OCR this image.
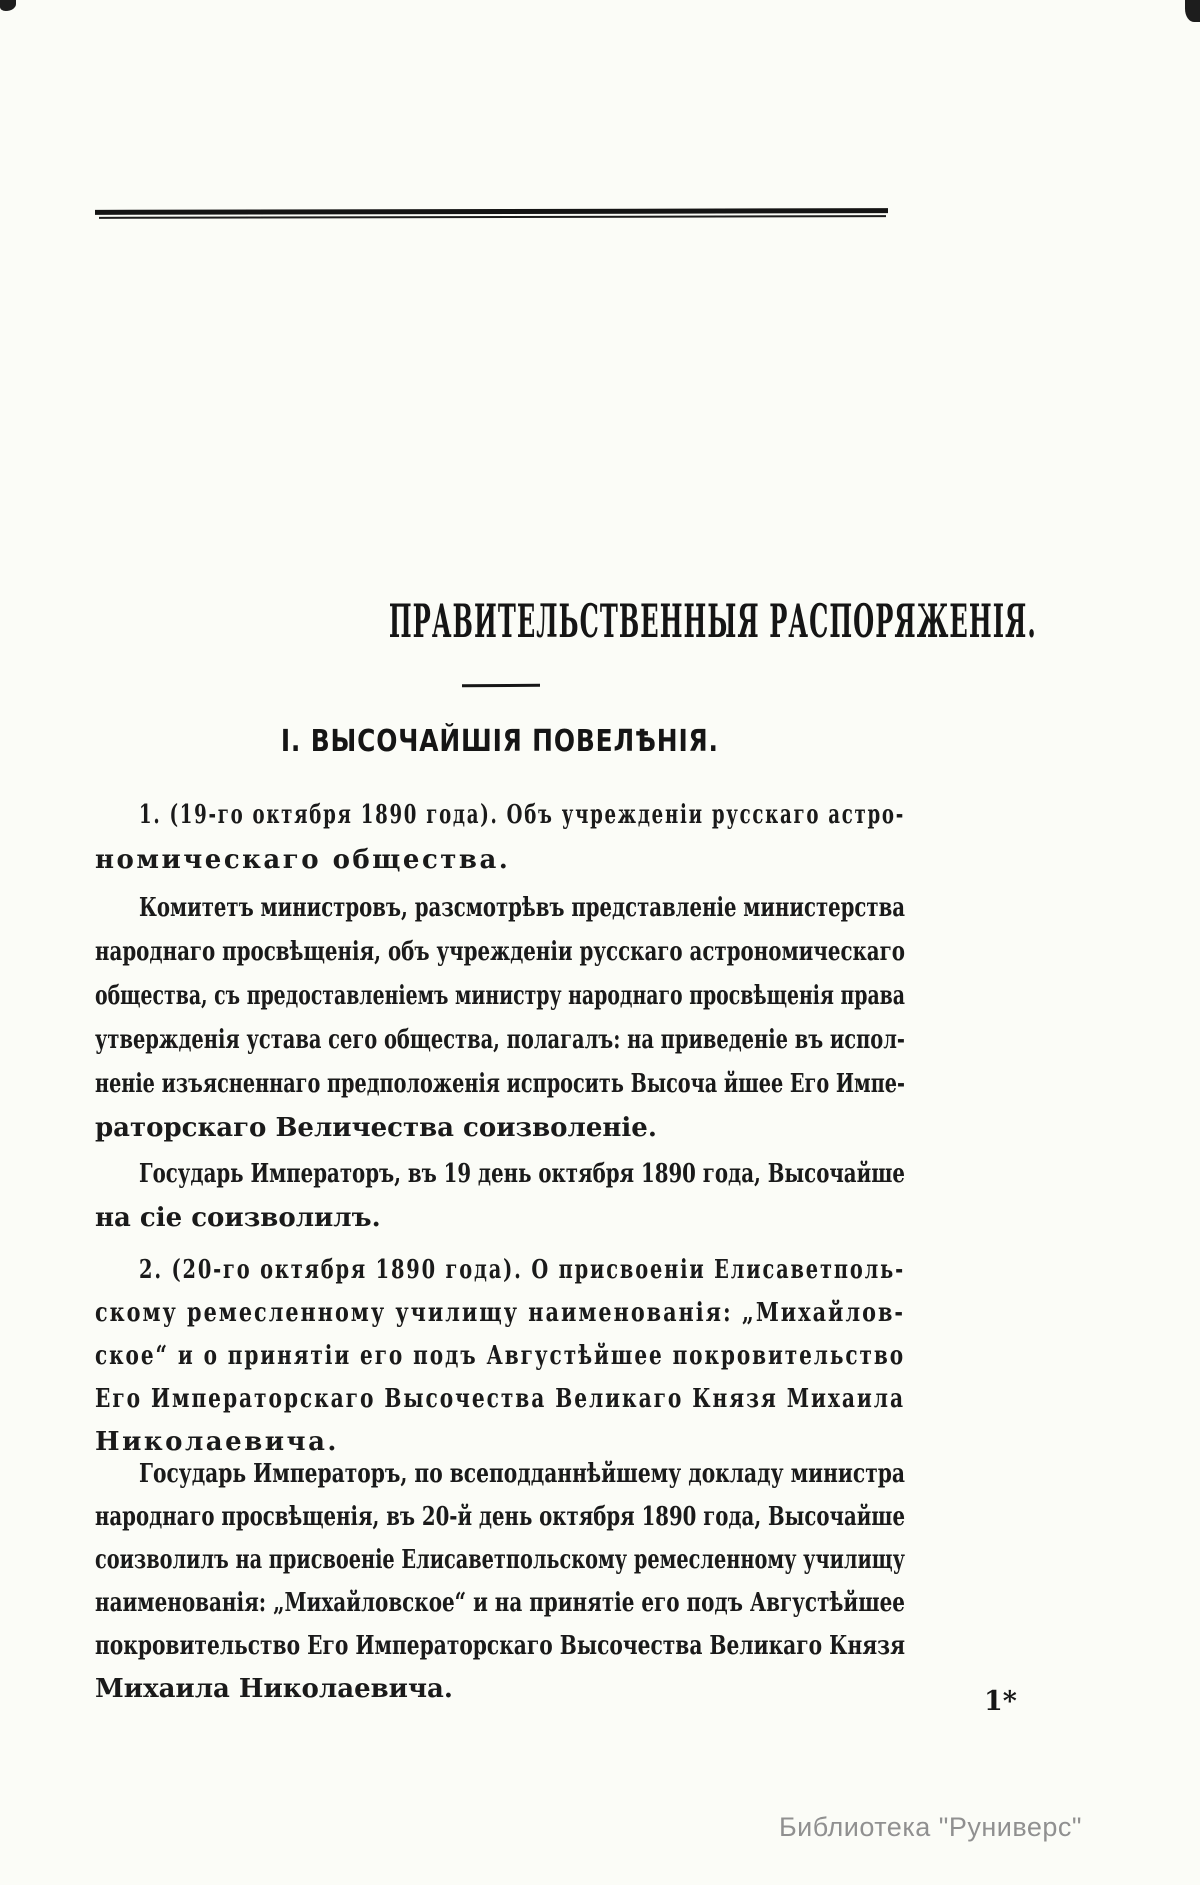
ПРАВИТЕЛЬСТВЕННЫЯ РАСПОРЯЖЕНІЯ.
І. ВЫСОЧАЙШІЯ ПОВЕЛѢНІЯ.
1. (19-го октября 1890 года). Объ учрежденіи русскаго астро-
номическаго общества.
Комитетъ министровъ, разсмотрѣвъ представленіе министерства
народнаго просвѣщенія, объ учрежденіи русскаго астрономическаго
общества, съ предоставленіемъ министру народнаго просвѣщенія права
утвержденія устава сего общества, полагалъ: на приведеніе въ испол-
неніе изъясненнаго предположенія испросить Высоча йшее Его Импе-
раторскаго Величества соизволеніе.
Государь Императоръ, въ 19 день октября 1890 года, Высочайше
на сіе соизволилъ.
2. (20-го октября 1890 года). О присвоеніи Елисаветполь-
скому ремесленному училищу наименованія: „Михайлов-
ское“ и о принятіи его подъ Августѣйшее покровительство
Его Императорскаго Высочества Великаго Князя Михаила
Николаевича.
Государь Императоръ, по всеподданнѣйшему докладу министра
народнаго просвѣщенія, въ 20-й день октября 1890 года, Высочайше
соизволилъ на присвоеніе Елисаветпольскому ремесленному училищу
наименованія: „Михайловское“ и на принятіе его подъ Августѣйшее
покровительство Его Императорскаго Высочества Великаго Князя
Михаила Николаевича.	1*
Библиотека "Руниверс"
